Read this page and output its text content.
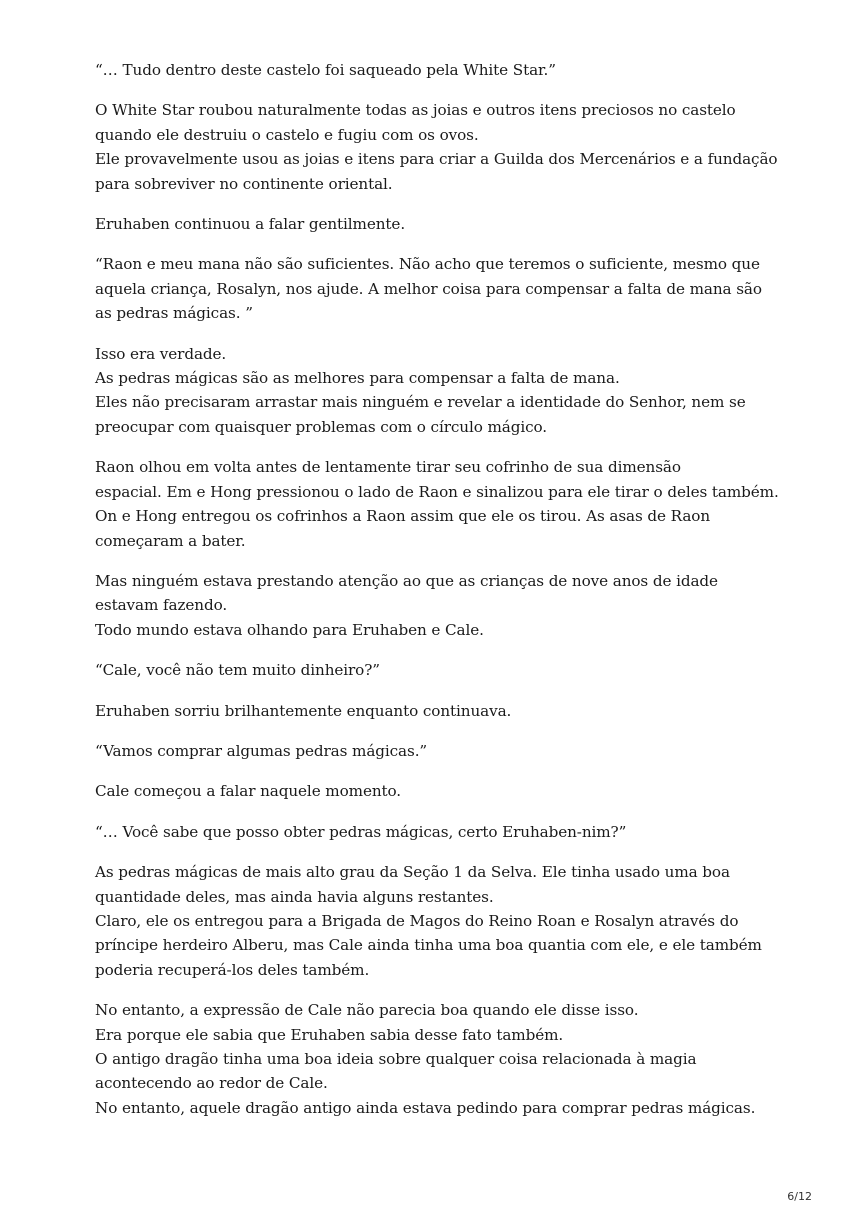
“… Tudo dentro deste castelo foi saqueado pela White Star.”

O White Star roubou naturalmente todas as joias e outros itens preciosos no castelo
quando ele destruiu o castelo e fugiu com os ovos.
Ele provavelmente usou as joias e itens para criar a Guilda dos Mercenários e a fundação
para sobreviver no continente oriental.

Eruhaben continuou a falar gentilmente.

“Raon e meu mana não são suficientes. Não acho que teremos o suficiente, mesmo que
aquela criança, Rosalyn, nos ajude. A melhor coisa para compensar a falta de mana são
as pedras mágicas. ”

Isso era verdade.
As pedras mágicas são as melhores para compensar a falta de mana.
Eles não precisaram arrastar mais ninguém e revelar a identidade do Senhor, nem se
preocupar com quaisquer problemas com o círculo mágico.

Raon olhou em volta antes de lentamente tirar seu cofrinho de sua dimensão
espacial. Em e Hong pressionou o lado de Raon e sinalizou para ele tirar o deles também.
On e Hong entregou os cofrinhos a Raon assim que ele os tirou. As asas de Raon
começaram a bater.

Mas ninguém estava prestando atenção ao que as crianças de nove anos de idade
estavam fazendo.
Todo mundo estava olhando para Eruhaben e Cale.

“Cale, você não tem muito dinheiro?”

Eruhaben sorriu brilhantemente enquanto continuava.

“Vamos comprar algumas pedras mágicas.”

Cale começou a falar naquele momento.

“… Você sabe que posso obter pedras mágicas, certo Eruhaben-nim?”

As pedras mágicas de mais alto grau da Seção 1 da Selva. Ele tinha usado uma boa
quantidade deles, mas ainda havia alguns restantes.
Claro, ele os entregou para a Brigada de Magos do Reino Roan e Rosalyn através do
príncipe herdeiro Alberu, mas Cale ainda tinha uma boa quantia com ele, e ele também
poderia recuperá-los deles também.

No entanto, a expressão de Cale não parecia boa quando ele disse isso.
Era porque ele sabia que Eruhaben sabia desse fato também.
O antigo dragão tinha uma boa ideia sobre qualquer coisa relacionada à magia
acontecendo ao redor de Cale.
No entanto, aquele dragão antigo ainda estava pedindo para comprar pedras mágicas.

6/12
